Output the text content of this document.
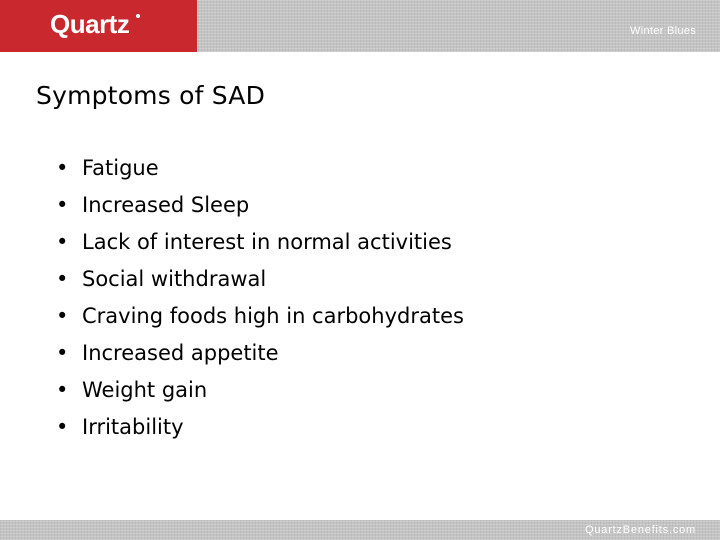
Quartz	Winter Blues
Symptoms of SAD
• Fatigue
• Increased Sleep
• Lack of interest in normal activities
• Social withdrawal
• Craving foods high in carbohydrates
• Increased appetite
• Weight gain
• Irritability
QuartzBenefits.com
